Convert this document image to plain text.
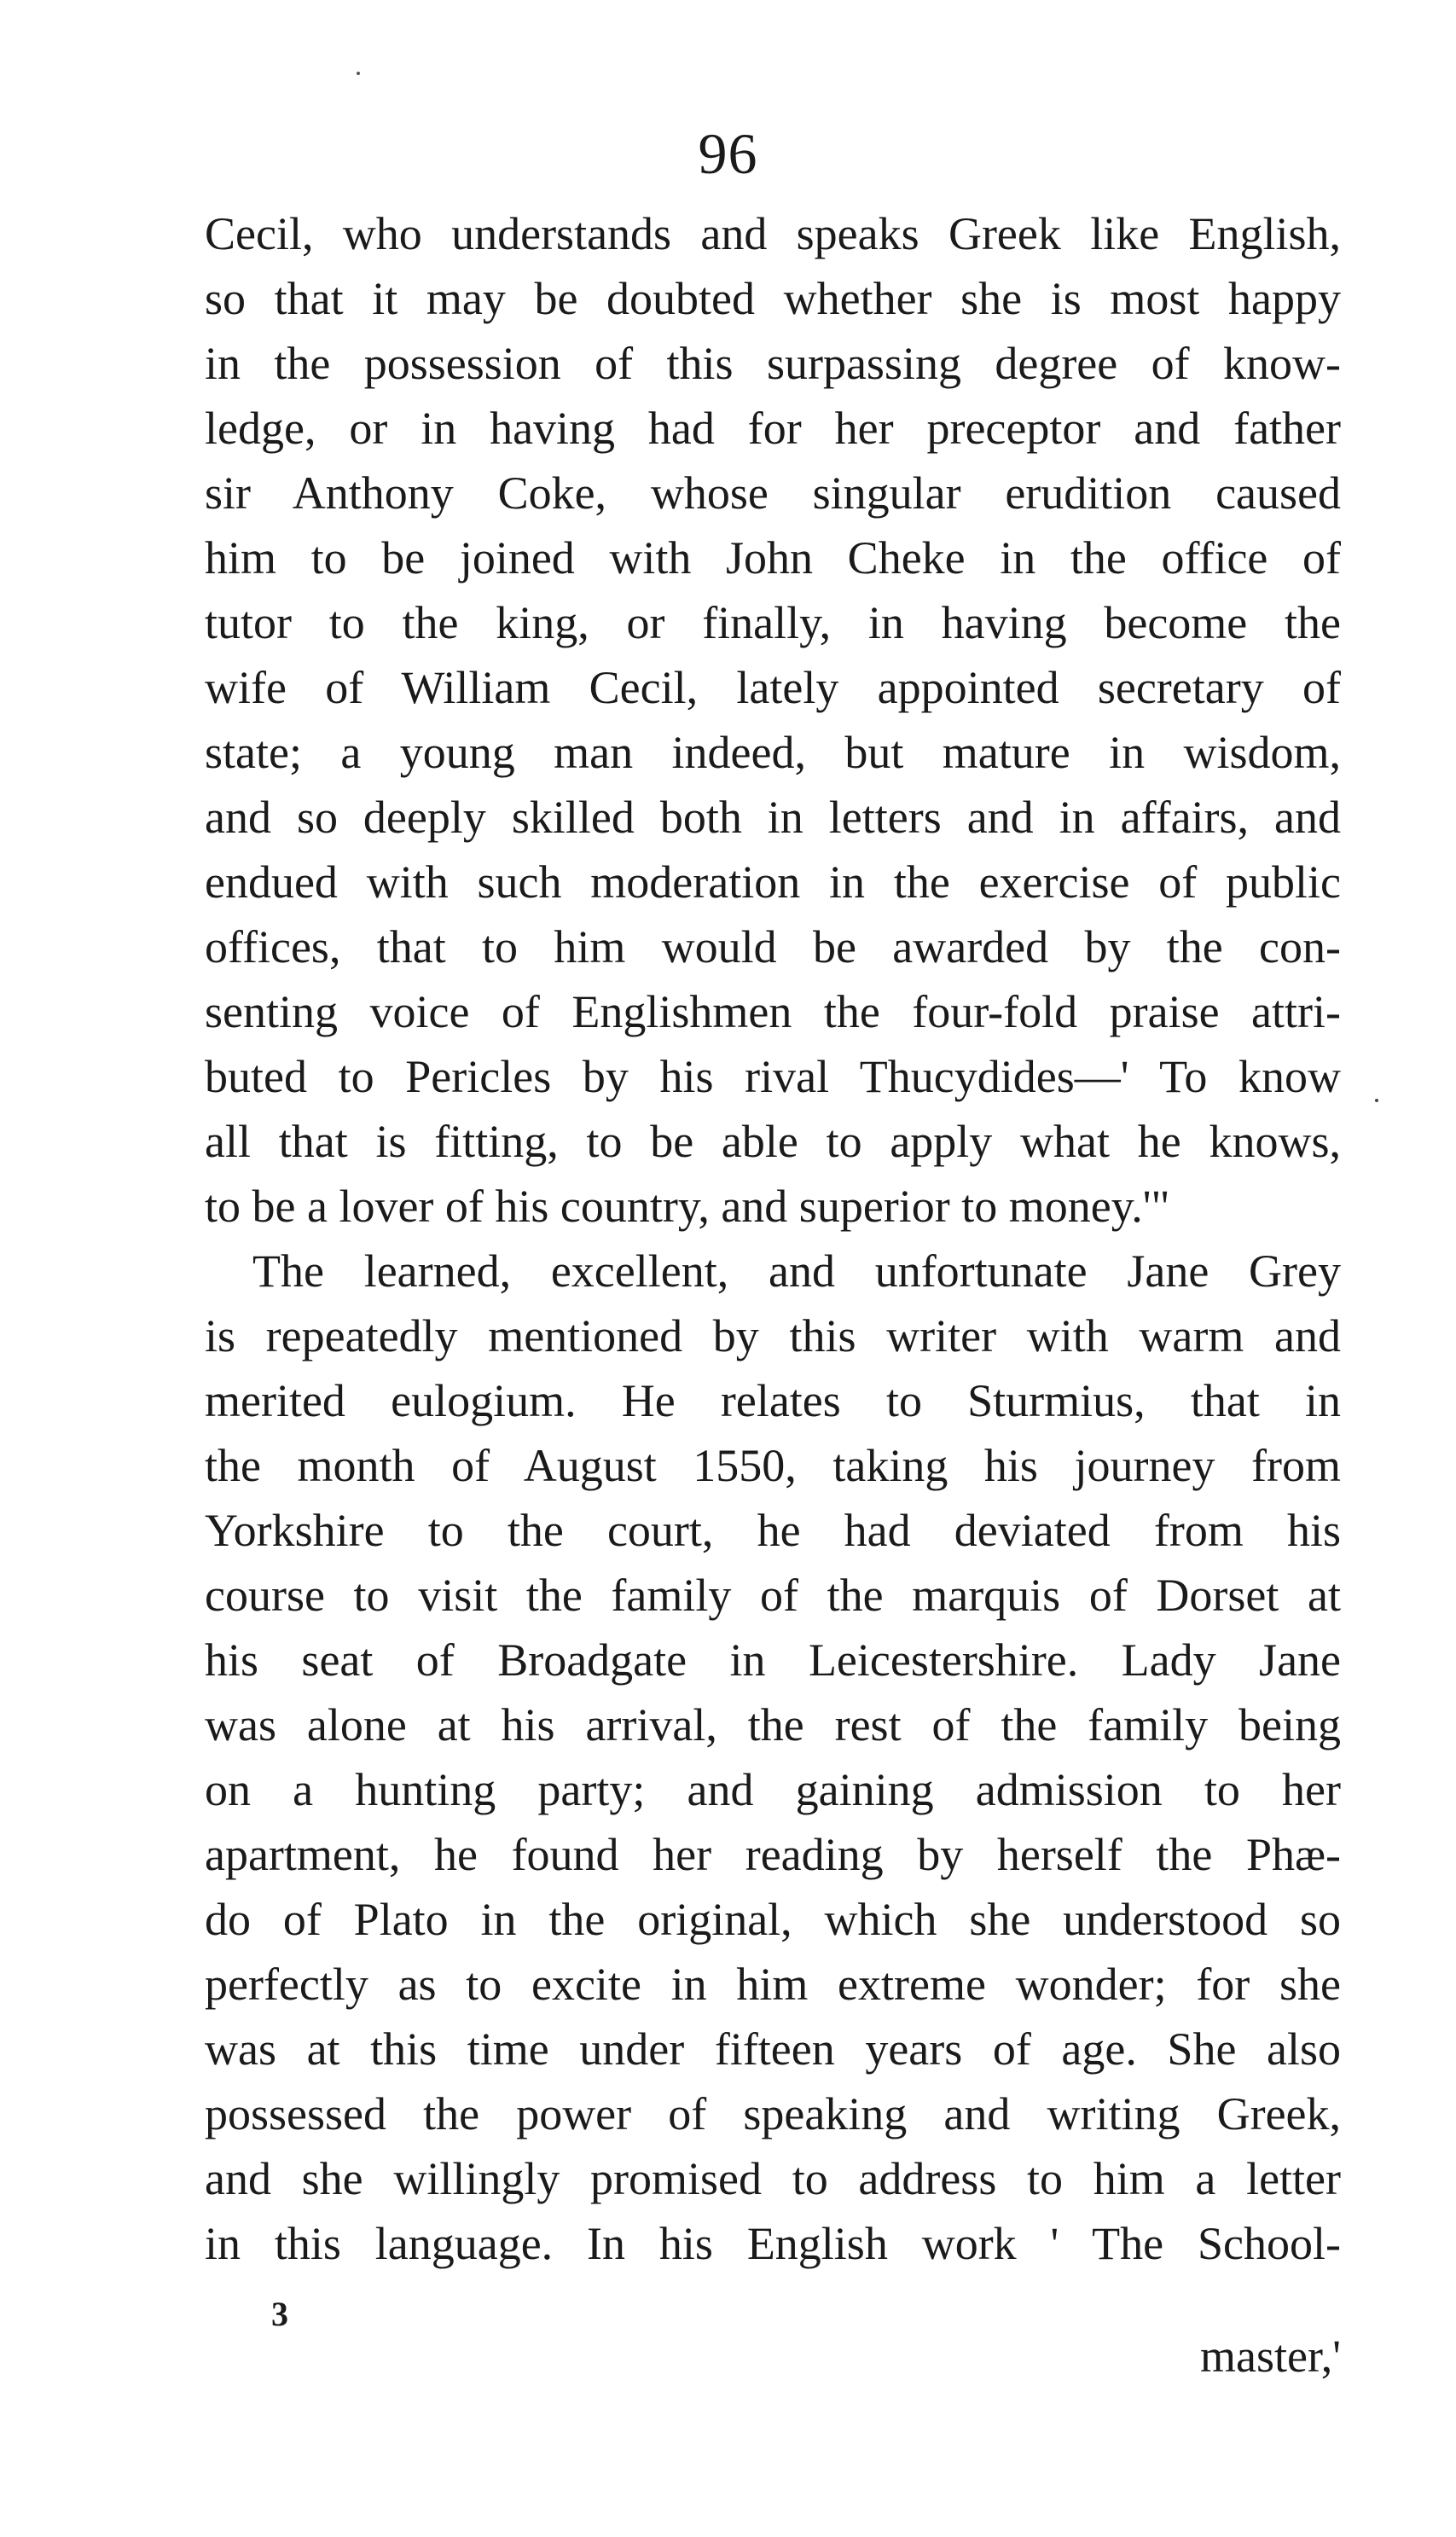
96
Cecil, who understands and speaks Greek like English,
so that it may be doubted whether she is most happy
in the possession of this surpassing degree of know-
ledge, or in having had for her preceptor and father
sir Anthony Coke, whose singular erudition caused
him to be joined with John Cheke in the office of
tutor to the king, or finally, in having become the
wife of William Cecil, lately appointed secretary of
state; a young man indeed, but mature in wisdom,
and so deeply skilled both in letters and in affairs, and
endued with such moderation in the exercise of public
offices, that to him would be awarded by the con-
senting voice of Englishmen the four-fold praise attri-
buted to Pericles by his rival Thucydides—' To know
all that is fitting, to be able to apply what he knows,
to be a lover of his country, and superior to money.'"
The learned, excellent, and unfortunate Jane Grey
is repeatedly mentioned by this writer with warm and
merited eulogium. He relates to Sturmius, that in
the month of August 1550, taking his journey from
Yorkshire to the court, he had deviated from his
course to visit the family of the marquis of Dorset at
his seat of Broadgate in Leicestershire. Lady Jane
was alone at his arrival, the rest of the family being
on a hunting party; and gaining admission to her
apartment, he found her reading by herself the Phæ-
do of Plato in the original, which she understood so
perfectly as to excite in him extreme wonder; for she
was at this time under fifteen years of age. She also
possessed the power of speaking and writing Greek,
and she willingly promised to address to him a letter
in this language. In his English work ' The School-
3
master,'
